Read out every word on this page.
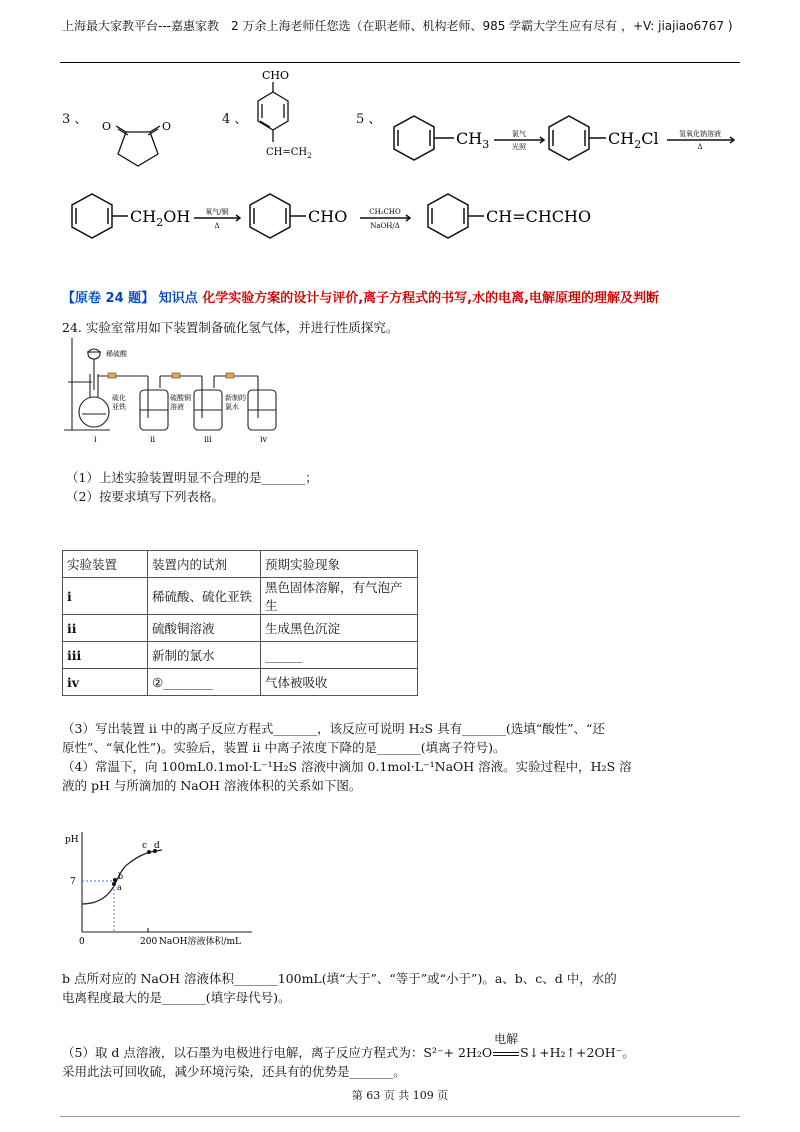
上海最大家教平台---嘉惠家教　2 万余上海老师任您选（在职老师、机构老师、985 学霸大学生应有尽有 ，+V: jiajiao6767 )
3 、 O	O	4 、
CHO
$CH=CH_2$
5 、
$CH_3$
氯气
光照	$CH_2Cl$	氢氧化钠溶液
Δ
$CH_2OH$ 氧气/铜
Δ	CHO	CH₃CHO
NaOH/Δ	CH=CHCHO
【原卷 24 题】 知识点 化学实验方案的设计与评价,离子方程式的书写,水的电离,电解原理的理解及判断
24. 实验室常用如下装置制备硫化氢气体，并进行性质探究。
稀硫酸
硫化
亚铁
硫酸铜
溶液
新制的
氯水
i	ii	iii	iv
（1）上述实验装置明显不合理的是_______；
（2）按要求填写下列表格。
实验装置	装置内的试剂	预期实验现象
i	稀硫酸、硫化亚铁	黑色固体溶解，有气泡产生
ii	硫酸铜溶液	生成黑色沉淀
iii	新制的氯水	______
iv	②________	气体被吸收
（3）写出装置 ii 中的离子反应方程式_______，该反应可说明 H₂S 具有_______(选填“酸性”、“还
原性”、“氧化性”)。实验后，装置 ii 中离子浓度下降的是_______(填离子符号)。
（4）常温下，向 100mL0.1mol·L⁻¹H₂S 溶液中滴加 0.1mol·L⁻¹NaOH 溶液。实验过程中，H₂S 溶
液的 pH 与所滴加的 NaOH 溶液体积的关系如下图。
pH
7
0	200 NaOH溶液体积/mL
a
b
c d
b 点所对应的 NaOH 溶液体积_______100mL(填“大于”、“等于”或“小于”)。a、b、c、d 中，水的
电离程度最大的是_______(填字母代号)。
（5）取 d 点溶液，以石墨为电极进行电解，离子反应方程式为：S²⁻+ 2H₂O
电解
S↓+H₂↑+2OH⁻。
采用此法可回收硫，减少环境污染，还具有的优势是_______。
第 63 页 共 109 页
